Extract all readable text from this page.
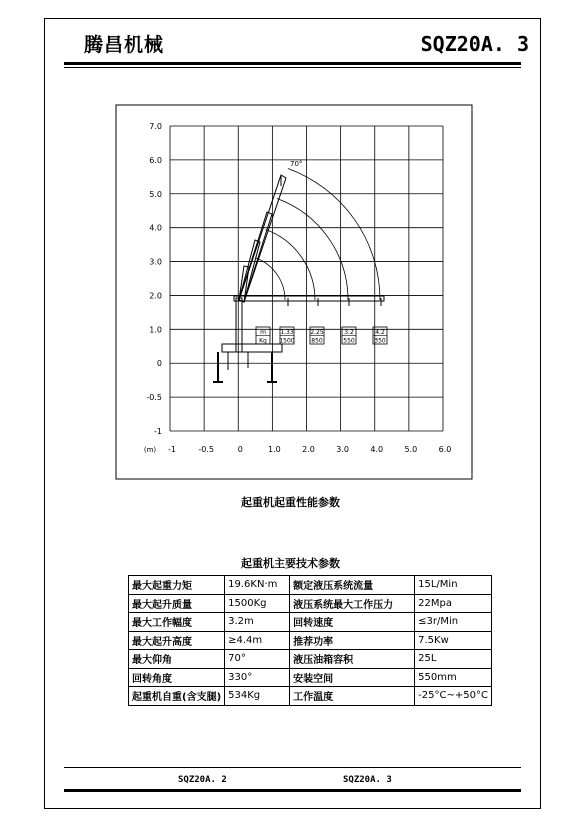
腾昌机械	SQZ20A. 3
70°
7.0
6.0
5.0
4.0
3.0
2.0
1.0
0
-0.5
-1
(m) -1	-0.5	0	1.0	2.0	3.0	4.0	5.0	6.0
m
Kg
1.33
1500
2.25
850
3.2
550
4.2
350
起重机起重性能参数
起重机主要技术参数
最大起重力矩	19.6KN·m	额定液压系统流量	15L/Min
最大起升质量	1500Kg	液压系统最大工作压力	22Mpa
最大工作幅度	3.2m	回转速度	≤3r/Min
最大起升高度	≥4.4m	推荐功率	7.5Kw
最大仰角	70°	液压油箱容积	25L
回转角度	330°	安装空间	550mm
起重机自重(含支腿)	534Kg	工作温度	-25°C~+50°C
SQZ20A. 2	SQZ20A. 3
